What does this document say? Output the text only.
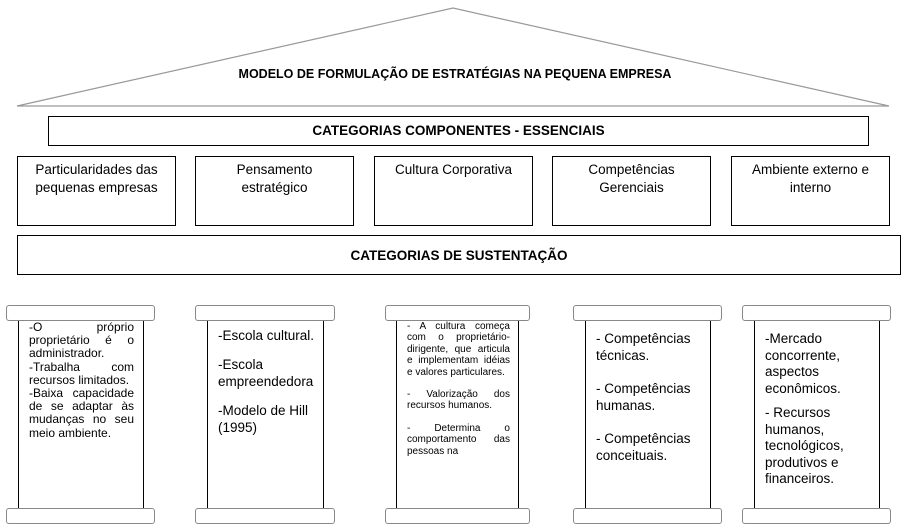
MODELO DE FORMULAÇÃO DE ESTRATÉGIAS NA PEQUENA EMPRESA
CATEGORIAS COMPONENTES - ESSENCIAIS
Particularidades das pequenas empresas
Pensamento estratégico
Cultura Corporativa	Competências Gerenciais
Ambiente externo e interno
CATEGORIAS DE SUSTENTAÇÃO
-O próprio proprietário é o administrador.
-Trabalha com recursos limitados.
-Baixa capacidade de se adaptar às mudanças no seu meio ambiente.
-Escola cultural.
-Escola empreendedora
-Modelo de Hill (1995)
- A cultura começa com o proprietário-dirigente, que articula e implementam idéias e valores particulares.
- Valorização dos recursos humanos.
- Determina o comportamento das pessoas na
- Competências técnicas.
- Competências humanas.
- Competências conceituais.
-Mercado concorrente, aspectos econômicos.
- Recursos humanos, tecnológicos, produtivos e financeiros.
